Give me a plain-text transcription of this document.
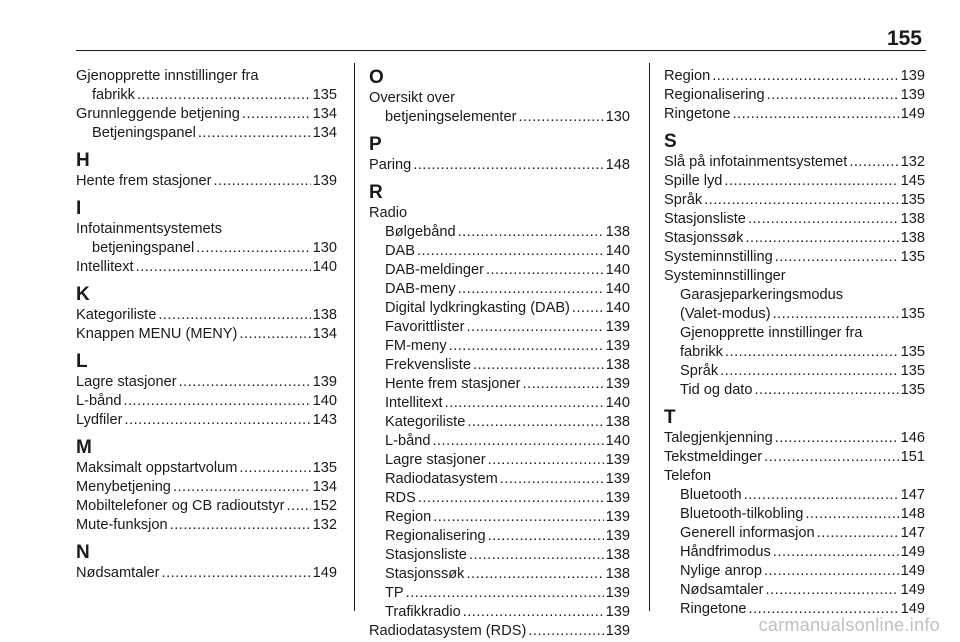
155
Gjenopprette innstillinger fra
fabrikk .....	135
Grunnleggende betjening .....	134
Betjeningspanel .....	134
H
Hente frem stasjoner .....	139
I
Infotainmentsystemets
betjeningspanel .....	130
Intellitext .....	140
K
Kategoriliste .....	138
Knappen MENU (MENY) .....	134
L
Lagre stasjoner .....	139
L-bånd .....	140
Lydfiler .....	143
M
Maksimalt oppstartvolum .....	135
Menybetjening .....	134
Mobiltelefoner og CB radioutstyr ..... 152
Mute-funksjon .....	132
N
Nødsamtaler .....	149
O
Oversikt over
betjeningselementer .....	130
P
Paring .....	148
R
Radio
Bølgebånd .....	138
DAB .....	140
DAB-meldinger .....	140
DAB-meny .....	140
Digital lydkringkasting (DAB) ..... 140
Favorittlister .....	139
FM-meny .....	139
Frekvensliste .....	138
Hente frem stasjoner .....	139
Intellitext .....	140
Kategoriliste .....	138
L-bånd .....	140
Lagre stasjoner .....	139
Radiodatasystem .....	139
RDS .....	139
Region .....	139
Regionalisering .....	139
Stasjonsliste .....	138
Stasjonssøk .....	138
TP .....	139
Trafikkradio .....	139
Radiodatasystem (RDS) .....	139
Region .....	139
Regionalisering .....	139
Ringetone .....	149
S
Slå på infotainmentsystemet .....	132
Spille lyd .....	145
Språk .....	135
Stasjonsliste .....	138
Stasjonssøk .....	138
Systeminnstilling .....	135
Systeminnstillinger
Garasjeparkeringsmodus
(Valet-modus) .....	135
Gjenopprette innstillinger fra
fabrikk .....	135
Språk .....	135
Tid og dato .....	135
T
Talegjenkjenning .....	146
Tekstmeldinger .....	151
Telefon
Bluetooth .....	147
Bluetooth-tilkobling .....	148
Generell informasjon .....	147
Håndfrimodus .....	149
Nylige anrop .....	149
Nødsamtaler .....	149
Ringetone .....	149
carmanualsonline.info
